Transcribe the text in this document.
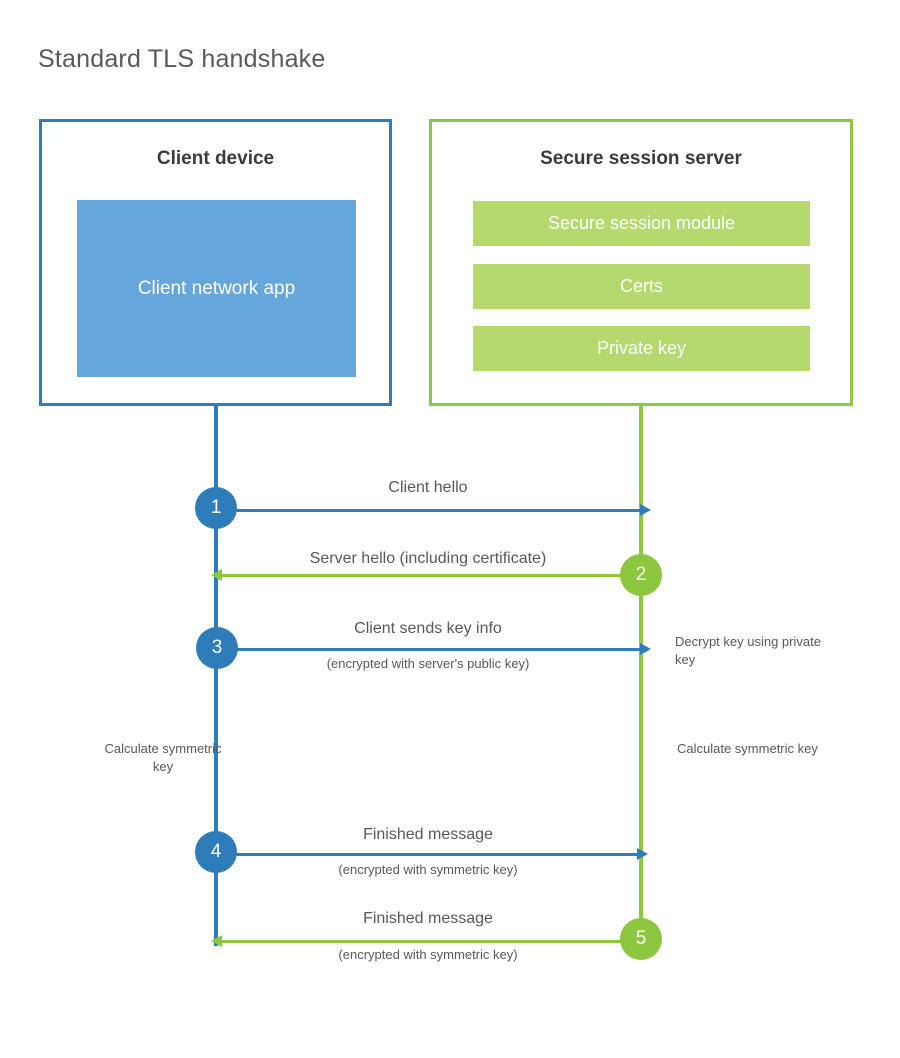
Standard TLS handshake
Client device
Client network app
Secure session server
Secure session module
Certs
Private key
1
2
3
4
5
Client hello
Server hello (including certificate)
Client sends key info
(encrypted with server's public key)
Finished message
(encrypted with symmetric key)
Finished message
(encrypted with symmetric key)
Decrypt key using private key
Calculate symmetric key
Calculate symmetric key
